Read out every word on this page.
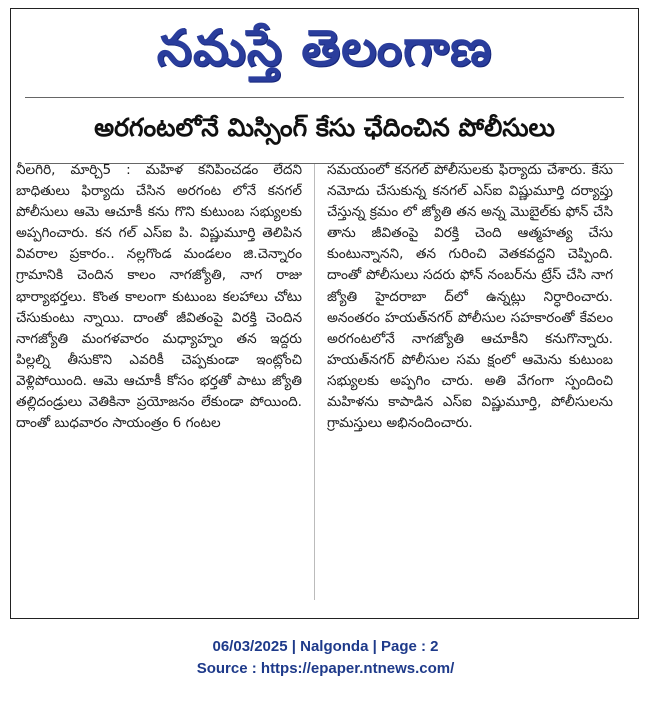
నమస్తే తెలంగాణ
అరగంటలోనే మిస్సింగ్ కేసు ఛేదించిన పోలీసులు

నీలగిరి, మార్చి5 : మహిళ కనిపించడం లేదని బాధితులు ఫిర్యాదు చేసిన అరగంట లోనే కనగల్ పోలీసులు ఆమె ఆచూకీ కను గొని కుటుంబ సభ్యులకు అప్పగించారు. కన గల్ ఎస్ఐ పి. విష్ణుమూర్తి తెలిపిన వివరాల ప్రకారం.. నల్లగొండ మండలం జి.చెన్నారం గ్రామానికి చెందిన కాలం నాగజ్యోతి, నాగ రాజు భార్యాభర్తలు. కొంత కాలంగా కుటుంబ కలహాలు చోటు చేసుకుంటు న్నాయి. దాంతో జీవితంపై విరక్తి చెందిన నాగజ్యోతి మంగళవారం మధ్యాహ్నం తన ఇద్దరు పిల్లల్ని తీసుకొని ఎవరికీ చెప్పకుండా ఇంట్లోంచి వెళ్లిపోయింది. ఆమె ఆచూకీ కోసం భర్తతో పాటు జ్యోతి తల్లిదండ్రులు వెతికినా ప్రయోజనం లేకుండా పోయింది. దాంతో బుధవారం సాయంత్రం 6 గంటల

సమయంలో కనగల్ పోలీసులకు ఫిర్యాదు చేశారు. కేసు నమోదు చేసుకున్న కనగల్ ఎస్ఐ విష్ణుమూర్తి దర్యాప్తు చేస్తున్న క్రమం లో జ్యోతి తన అన్న మొబైల్‌కు ఫోన్ చేసి తాను జీవితంపై విరక్తి చెంది ఆత్మహత్య చేసు కుంటున్నానని, తన గురించి వెతకవద్దని చెప్పింది. దాంతో పోలీసులు సదరు ఫోన్ నంబర్‌ను ట్రేస్ చేసి నాగ జ్యోతి హైదరాబా ద్‌లో ఉన్నట్లు నిర్ధారించారు. అనంతరం హయత్‌నగర్ పోలీసుల సహకారంతో కేవలం అరగంటలోనే నాగజ్యోతి ఆచూకీని కనుగొన్నారు. హయత్‌నగర్ పోలీసుల సమ క్షంలో ఆమెను కుటుంబ సభ్యులకు అప్పగిం చారు. అతి వేగంగా స్పందించి మహిళను కాపాడిన ఎస్ఐ విష్ణుమూర్తి, పోలీసులను గ్రామస్తులు అభినందించారు.

06/03/2025 | Nalgonda | Page : 2
Source : https://epaper.ntnews.com/
